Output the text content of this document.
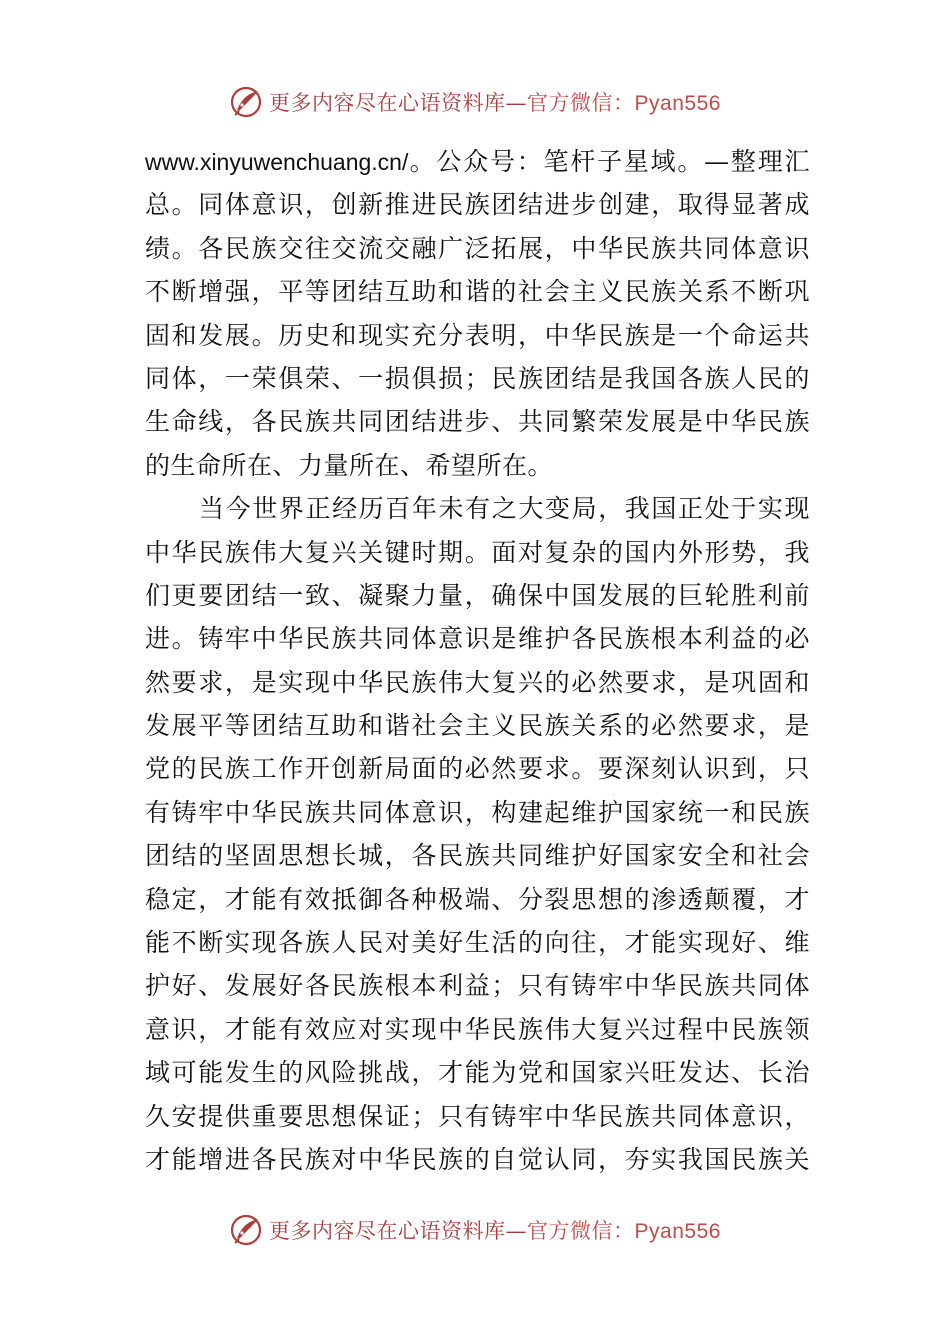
更多内容尽在心语资料库—官方微信：Pyan556
www.xinyuwenchuang.cn/。公众号：笔杆子星域。—整理汇
总。同体意识，创新推进民族团结进步创建，取得显著成
绩。各民族交往交流交融广泛拓展，中华民族共同体意识
不断增强，平等团结互助和谐的社会主义民族关系不断巩
固和发展。历史和现实充分表明，中华民族是一个命运共
同体，一荣俱荣、一损俱损；民族团结是我国各族人民的
生命线，各民族共同团结进步、共同繁荣发展是中华民族
的生命所在、力量所在、希望所在。
当今世界正经历百年未有之大变局，我国正处于实现
中华民族伟大复兴关键时期。面对复杂的国内外形势，我
们更要团结一致、凝聚力量，确保中国发展的巨轮胜利前
进。铸牢中华民族共同体意识是维护各民族根本利益的必
然要求，是实现中华民族伟大复兴的必然要求，是巩固和
发展平等团结互助和谐社会主义民族关系的必然要求，是
党的民族工作开创新局面的必然要求。要深刻认识到，只
有铸牢中华民族共同体意识，构建起维护国家统一和民族
团结的坚固思想长城，各民族共同维护好国家安全和社会
稳定，才能有效抵御各种极端、分裂思想的渗透颠覆，才
能不断实现各族人民对美好生活的向往，才能实现好、维
护好、发展好各民族根本利益；只有铸牢中华民族共同体
意识，才能有效应对实现中华民族伟大复兴过程中民族领
域可能发生的风险挑战，才能为党和国家兴旺发达、长治
久安提供重要思想保证；只有铸牢中华民族共同体意识，
才能增进各民族对中华民族的自觉认同，夯实我国民族关
更多内容尽在心语资料库—官方微信：Pyan556
